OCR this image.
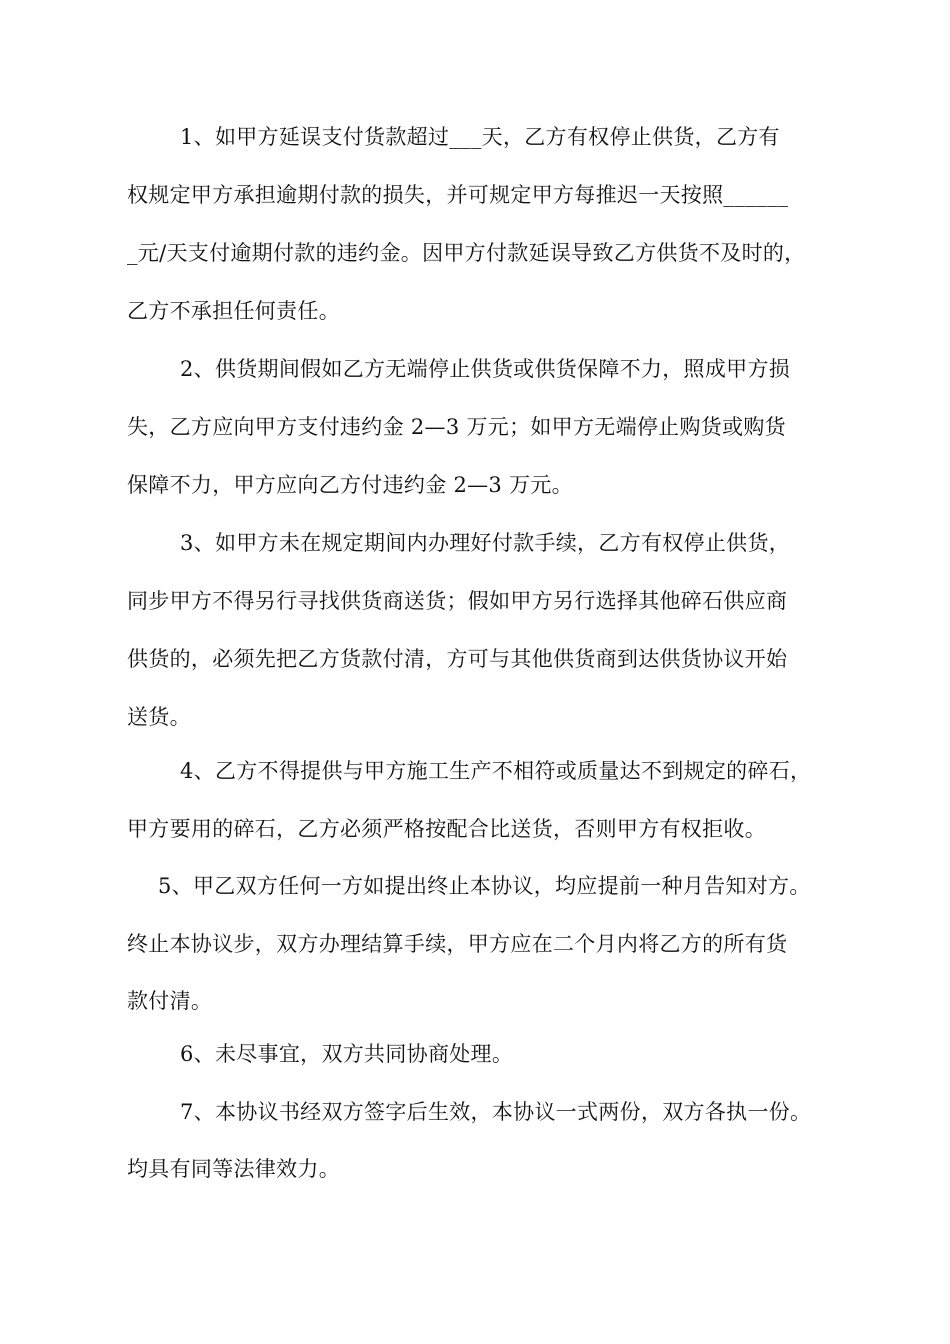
1、如甲方延误支付货款超过___天，乙方有权停止供货，乙方有
权规定甲方承担逾期付款的损失，并可规定甲方每推迟一天按照______
_元/天支付逾期付款的违约金。因甲方付款延误导致乙方供货不及时的，
乙方不承担任何责任。
2、供货期间假如乙方无端停止供货或供货保障不力，照成甲方损
失，乙方应向甲方支付违约金 2—3 万元；如甲方无端停止购货或购货
保障不力，甲方应向乙方付违约金 2—3 万元。
3、如甲方未在规定期间内办理好付款手续，乙方有权停止供货，
同步甲方不得另行寻找供货商送货；假如甲方另行选择其他碎石供应商
供货的，必须先把乙方货款付清，方可与其他供货商到达供货协议开始
送货。
4、乙方不得提供与甲方施工生产不相符或质量达不到规定的碎石，
甲方要用的碎石，乙方必须严格按配合比送货，否则甲方有权拒收。
5、甲乙双方任何一方如提出终止本协议，均应提前一种月告知对方。
终止本协议步，双方办理结算手续，甲方应在二个月内将乙方的所有货
款付清。
6、未尽事宜，双方共同协商处理。
7、本协议书经双方签字后生效，本协议一式两份，双方各执一份。
均具有同等法律效力。
